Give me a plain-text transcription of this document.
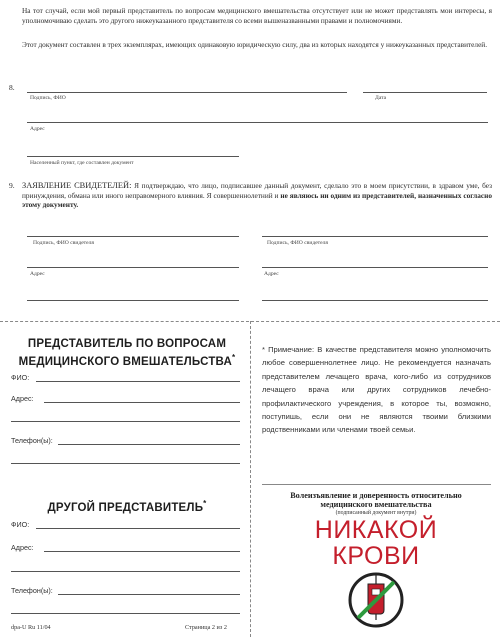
На тот случай, если мой первый представитель по вопросам медицинского вмешательства отсутствует или не может представлять мои интересы, я уполномочиваю сделать это другого нижеуказанного представителя со всеми вышеназванными правами и полномочиями.
Этот документ составлен в трех экземплярах, имеющих одинаковую юридическую силу, два из которых находятся у нижеуказанных представителей.
8.
Подпись, ФИО	Дата
Адрес
Населенный пункт, где составлен документ
9. ЗАЯВЛЕНИЕ СВИДЕТЕЛЕЙ: Я подтверждаю, что лицо, подписавшее данный документ, сделало это в моем присутствии, в здравом уме, без принуждения, обмана или иного неправомерного влияния. Я совершеннолетний и не являюсь ни одним из представителей, назначенных согласно этому документу.
Подпись, ФИО свидетеля	Подпись, ФИО свидетеля
Адрес	Адрес
ПРЕДСТАВИТЕЛЬ ПО ВОПРОСАМ
МЕДИЦИНСКОГО ВМЕШАТЕЛЬСТВА*
ФИО:
Адрес:
Телефон(ы):
ДРУГОЙ ПРЕДСТАВИТЕЛЬ*
ФИО:
Адрес:
Телефон(ы):
dpa-U Ru 11/04	Страница 2 из 2
* Примечание: В качестве представителя можно уполномочить любое совершеннолетнее лицо. Не рекомендуется назначать представителем лечащего врача, кого-либо из сотрудников лечащего врача или других сотрудников лечебно-профилактического учреждения, в которое ты, возможно, поступишь, если они не являются твоими близкими родственниками или членами твоей семьи.
Волеизъявление и доверенность относительно
медицинского вмешательства
(подписанный документ внутри)
НИКАКОЙ
КРОВИ
